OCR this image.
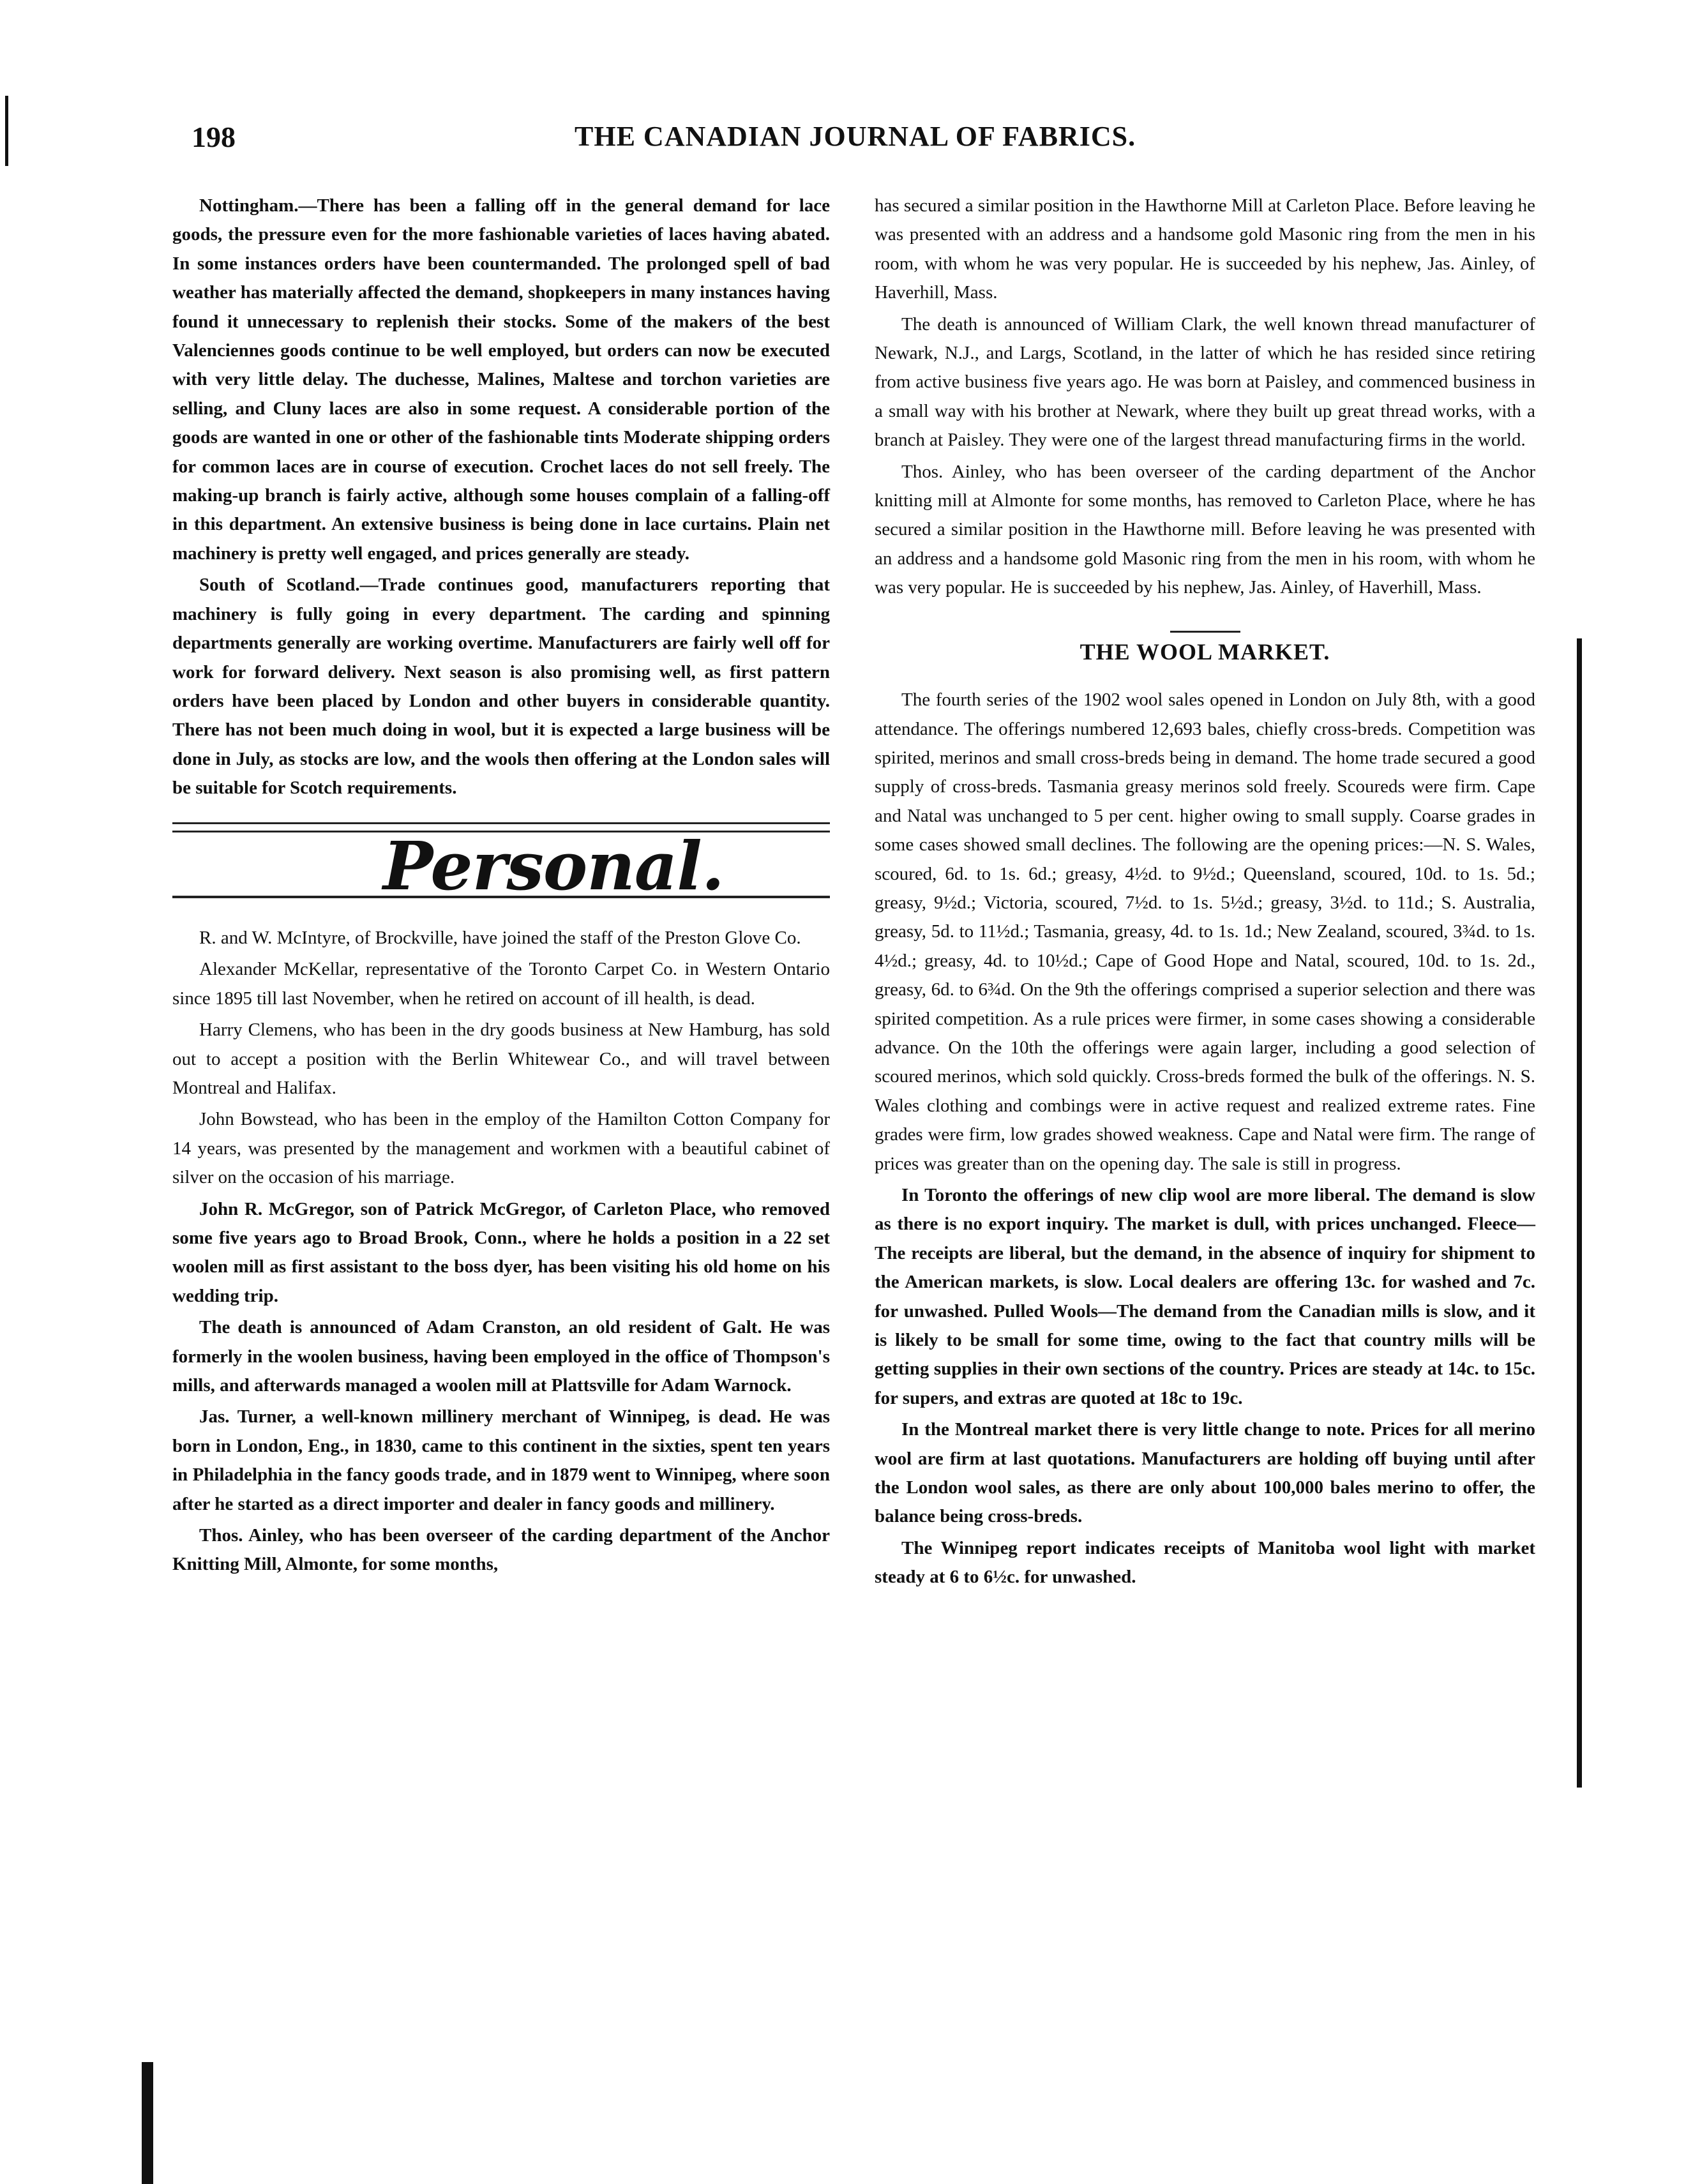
198	THE CANADIAN JOURNAL OF FABRICS.

Nottingham.—There has been a falling off in the general demand for lace goods, the pressure even for the more fashionable varieties of laces having abated. In some instances orders have been countermanded. The prolonged spell of bad weather has materially affected the demand, shopkeepers in many instances having found it unnecessary to replenish their stocks. Some of the makers of the best Valenciennes goods continue to be well employed, but orders can now be executed with very little delay. The duchesse, Malines, Maltese and torchon varieties are selling, and Cluny laces are also in some request. A considerable portion of the goods are wanted in one or other of the fashionable tints Moderate shipping orders for common laces are in course of execution. Crochet laces do not sell freely. The making-up branch is fairly active, although some houses complain of a falling-off in this department. An extensive business is being done in lace curtains. Plain net machinery is pretty well engaged, and prices generally are steady.

South of Scotland.—Trade continues good, manufacturers reporting that machinery is fully going in every department. The carding and spinning departments generally are working overtime. Manufacturers are fairly well off for work for forward delivery. Next season is also promising well, as first pattern orders have been placed by London and other buyers in considerable quantity. There has not been much doing in wool, but it is expected a large business will be done in July, as stocks are low, and the wools then offering at the London sales will be suitable for Scotch requirements.

Personal.

R. and W. McIntyre, of Brockville, have joined the staff of the Preston Glove Co.

Alexander McKellar, representative of the Toronto Carpet Co. in Western Ontario since 1895 till last November, when he retired on account of ill health, is dead.

Harry Clemens, who has been in the dry goods business at New Hamburg, has sold out to accept a position with the Berlin Whitewear Co., and will travel between Montreal and Halifax.

John Bowstead, who has been in the employ of the Hamilton Cotton Company for 14 years, was presented by the management and workmen with a beautiful cabinet of silver on the occasion of his marriage.

John R. McGregor, son of Patrick McGregor, of Carleton Place, who removed some five years ago to Broad Brook, Conn., where he holds a position in a 22 set woolen mill as first assistant to the boss dyer, has been visiting his old home on his wedding trip.

The death is announced of Adam Cranston, an old resident of Galt. He was formerly in the woolen business, having been employed in the office of Thompson's mills, and afterwards managed a woolen mill at Plattsville for Adam Warnock.

Jas. Turner, a well-known millinery merchant of Winnipeg, is dead. He was born in London, Eng., in 1830, came to this continent in the sixties, spent ten years in Philadelphia in the fancy goods trade, and in 1879 went to Winnipeg, where soon after he started as a direct importer and dealer in fancy goods and millinery.

Thos. Ainley, who has been overseer of the carding department of the Anchor Knitting Mill, Almonte, for some months,

has secured a similar position in the Hawthorne Mill at Carleton Place. Before leaving he was presented with an address and a handsome gold Masonic ring from the men in his room, with whom he was very popular. He is succeeded by his nephew, Jas. Ainley, of Haverhill, Mass.

The death is announced of William Clark, the well known thread manufacturer of Newark, N.J., and Largs, Scotland, in the latter of which he has resided since retiring from active business five years ago. He was born at Paisley, and commenced business in a small way with his brother at Newark, where they built up great thread works, with a branch at Paisley. They were one of the largest thread manufacturing firms in the world.

Thos. Ainley, who has been overseer of the carding department of the Anchor knitting mill at Almonte for some months, has removed to Carleton Place, where he has secured a similar position in the Hawthorne mill. Before leaving he was presented with an address and a handsome gold Masonic ring from the men in his room, with whom he was very popular. He is succeeded by his nephew, Jas. Ainley, of Haverhill, Mass.

THE WOOL MARKET.

The fourth series of the 1902 wool sales opened in London on July 8th, with a good attendance. The offerings numbered 12,693 bales, chiefly cross-breds. Competition was spirited, merinos and small cross-breds being in demand. The home trade secured a good supply of cross-breds. Tasmania greasy merinos sold freely. Scoureds were firm. Cape and Natal was unchanged to 5 per cent. higher owing to small supply. Coarse grades in some cases showed small declines. The following are the opening prices:—N. S. Wales, scoured, 6d. to 1s. 6d.; greasy, 4½d. to 9½d.; Queensland, scoured, 10d. to 1s. 5d.; greasy, 9½d.; Victoria, scoured, 7½d. to 1s. 5½d.; greasy, 3½d. to 11d.; S. Australia, greasy, 5d. to 11½d.; Tasmania, greasy, 4d. to 1s. 1d.; New Zealand, scoured, 3¾d. to 1s. 4½d.; greasy, 4d. to 10½d.; Cape of Good Hope and Natal, scoured, 10d. to 1s. 2d., greasy, 6d. to 6¾d. On the 9th the offerings comprised a superior selection and there was spirited competition. As a rule prices were firmer, in some cases showing a considerable advance. On the 10th the offerings were again larger, including a good selection of scoured merinos, which sold quickly. Cross-breds formed the bulk of the offerings. N. S. Wales clothing and combings were in active request and realized extreme rates. Fine grades were firm, low grades showed weakness. Cape and Natal were firm. The range of prices was greater than on the opening day. The sale is still in progress.

In Toronto the offerings of new clip wool are more liberal. The demand is slow as there is no export inquiry. The market is dull, with prices unchanged. Fleece—The receipts are liberal, but the demand, in the absence of inquiry for shipment to the American markets, is slow. Local dealers are offering 13c. for washed and 7c. for unwashed. Pulled Wools—The demand from the Canadian mills is slow, and it is likely to be small for some time, owing to the fact that country mills will be getting supplies in their own sections of the country. Prices are steady at 14c. to 15c. for supers, and extras are quoted at 18c to 19c.

In the Montreal market there is very little change to note. Prices for all merino wool are firm at last quotations. Manufacturers are holding off buying until after the London wool sales, as there are only about 100,000 bales merino to offer, the balance being cross-breds.

The Winnipeg report indicates receipts of Manitoba wool light with market steady at 6 to 6½c. for unwashed.
